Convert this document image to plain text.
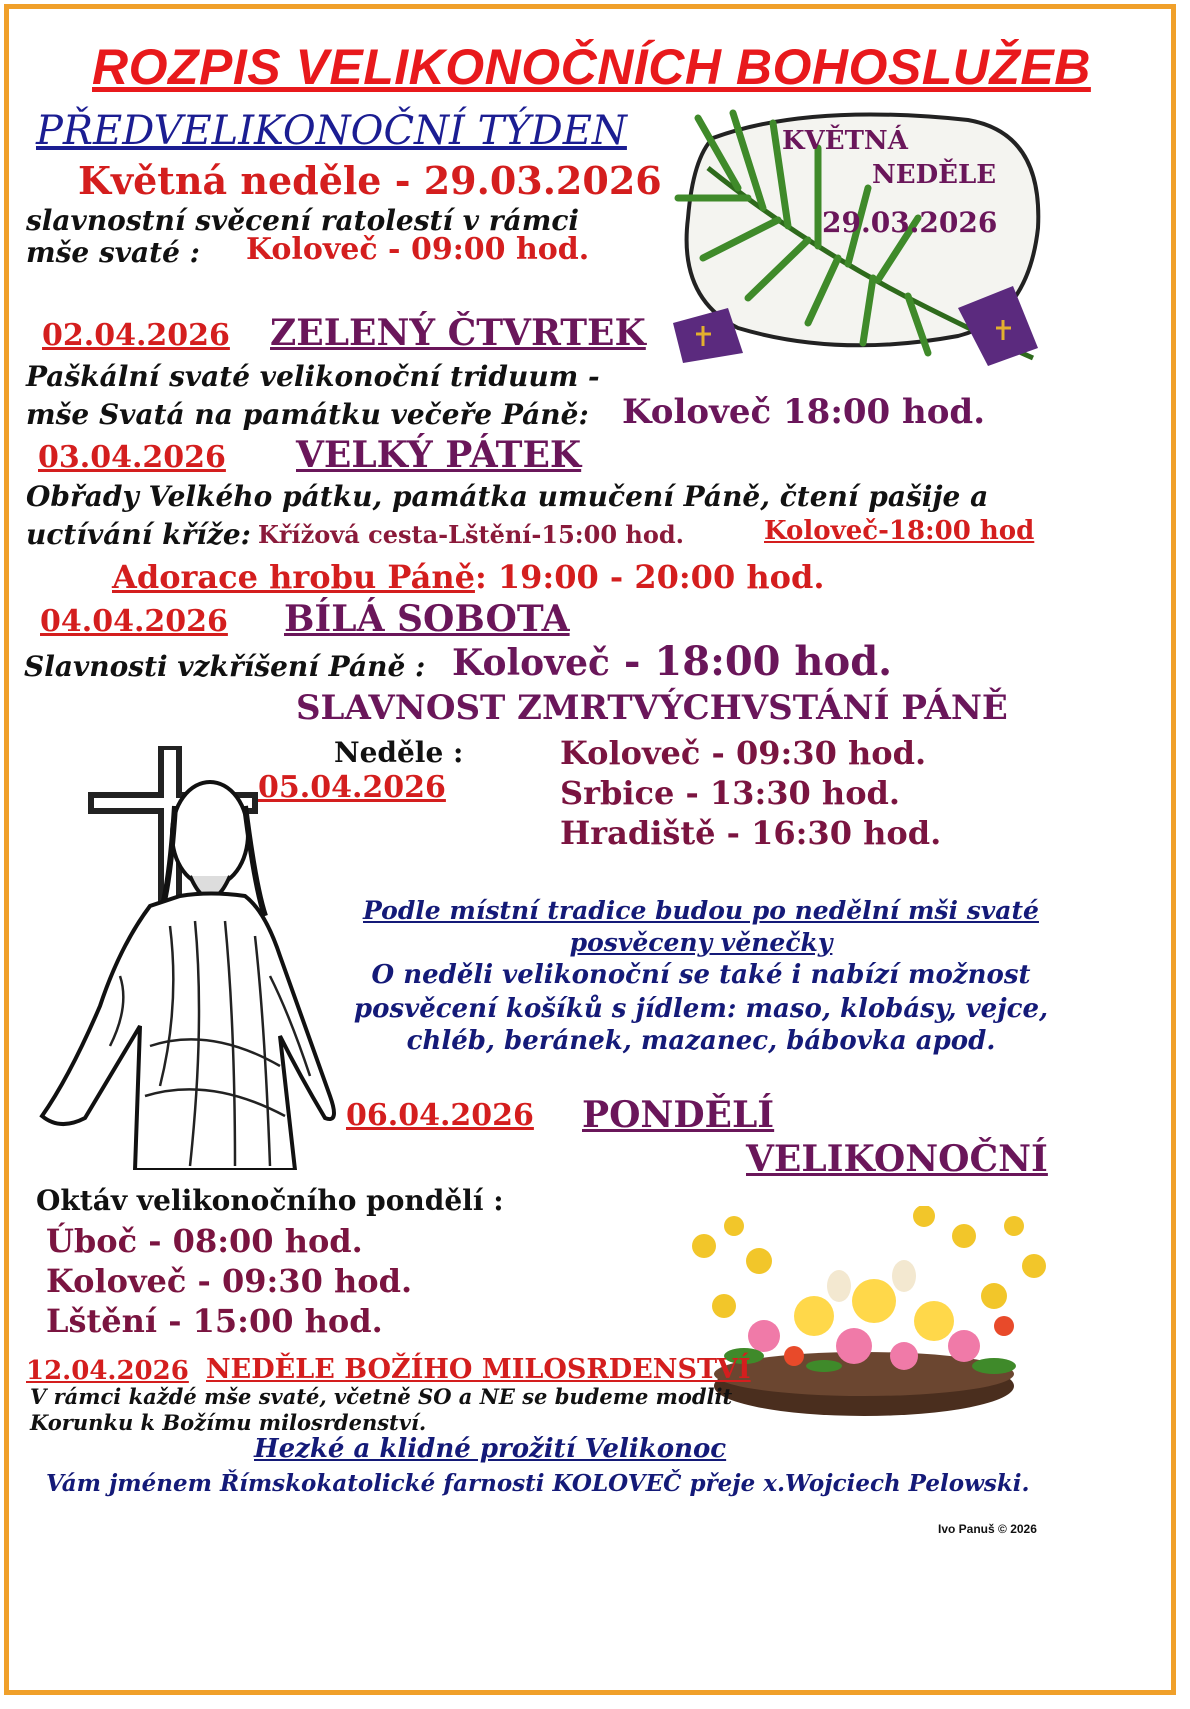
ROZPIS VELIKONOČNÍCH BOHOSLUŽEB
PŘEDVELIKONOČNÍ TÝDEN
Květná neděle - 29.03.2026
slavnostní svěcení ratolestí v rámci
mše svaté : Koloveč - 09:00 hod.
KVĚTNÁ
NEDĚLE
29.03.2026
02.04.2026 ZELENÝ ČTVRTEK
Paškální svaté velikonoční triduum -
mše Svatá na památku večeře Páně: Koloveč 18:00 hod.
03.04.2026 VELKÝ PÁTEK
Obřady Velkého pátku, památka umučení Páně, čtení pašije a
uctívání kříže: Křížová cesta-Lštění-15:00 hod.	Koloveč-18:00 hod
Adorace hrobu Páně: 19:00 - 20:00 hod.
04.04.2026 BÍLÁ SOBOTA
Slavnosti vzkříšení Páně : Koloveč - 18:00 hod.
SLAVNOST ZMRTVÝCHVSTÁNÍ PÁNĚ
Neděle :
05.04.2026
Koloveč - 09:30 hod.
Srbice - 13:30 hod.
Hradiště - 16:30 hod.
Podle místní tradice budou po nedělní mši svaté
posvěceny věnečky
O neděli velikonoční se také i nabízí možnost
posvěcení košíků s jídlem: maso, klobásy, vejce,
chléb, beránek, mazanec, bábovka apod.
06.04.2026 PONDĚLÍ
VELIKONOČNÍ
Oktáv velikonočního pondělí :
Úboč - 08:00 hod.
Koloveč - 09:30 hod.
Lštění - 15:00 hod.
12.04.2026 NEDĚLE BOŽÍHO MILOSRDENSTVÍ
V rámci každé mše svaté, včetně SO a NE se budeme modlit
Korunku k Božímu milosrdenství.
Hezké a klidné prožití Velikonoc
Vám jménem Římskokatolické farnosti KOLOVEČ přeje x.Wojciech Pelowski.
Ivo Panuš © 2026
